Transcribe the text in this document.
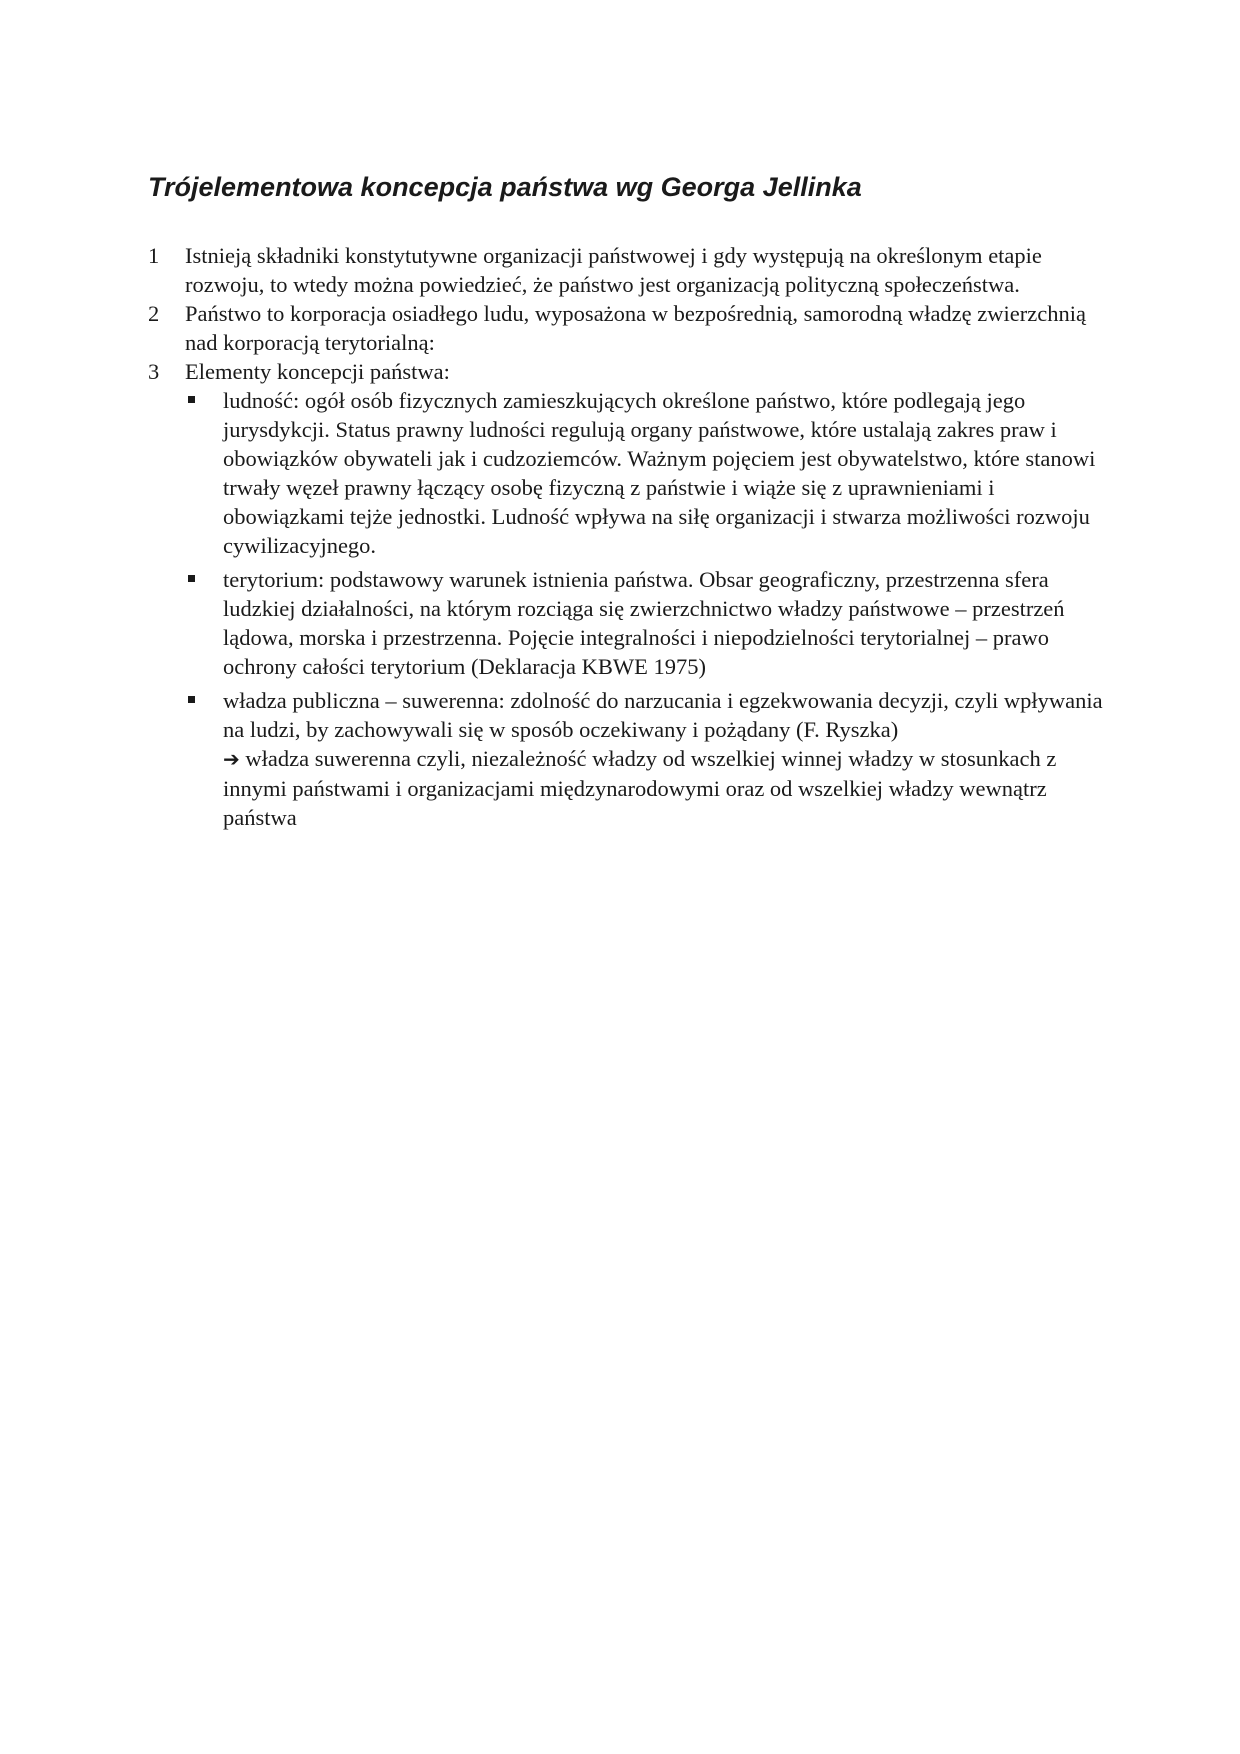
Trójelementowa koncepcja państwa wg Georga Jellinka
1 Istnieją składniki konstytutywne organizacji państwowej i gdy występują na określonym etapie rozwoju, to wtedy można powiedzieć, że państwo jest organizacją polityczną społeczeństwa.
2 Państwo to korporacja osiadłego ludu, wyposażona w bezpośrednią, samorodną władzę zwierzchnią nad korporacją terytorialną:
3 Elementy koncepcji państwa:
ludność: ogół osób fizycznych zamieszkujących określone państwo, które podlegają jego jurysdykcji. Status prawny ludności regulują organy państwowe, które ustalają zakres praw i obowiązków obywateli jak i cudzoziemców. Ważnym pojęciem jest obywatelstwo, które stanowi trwały węzeł prawny łączący osobę fizyczną z państwie i wiąże się z uprawnieniami i obowiązkami tejże jednostki. Ludność wpływa na siłę organizacji i stwarza możliwości rozwoju cywilizacyjnego.
terytorium: podstawowy warunek istnienia państwa. Obsar geograficzny, przestrzenna sfera ludzkiej działalności, na którym rozciąga się zwierzchnictwo władzy państwowe – przestrzeń lądowa, morska i przestrzenna. Pojęcie integralności i niepodzielności terytorialnej – prawo ochrony całości terytorium (Deklaracja KBWE 1975)
władza publiczna – suwerenna: zdolność do narzucania i egzekwowania decyzji, czyli wpływania na ludzi, by zachowywali się w sposób oczekiwany i pożądany (F. Ryszka)
➔ władza suwerenna czyli, niezależność władzy od wszelkiej winnej władzy w stosunkach z innymi państwami i organizacjami międzynarodowymi oraz od wszelkiej władzy wewnątrz państwa
